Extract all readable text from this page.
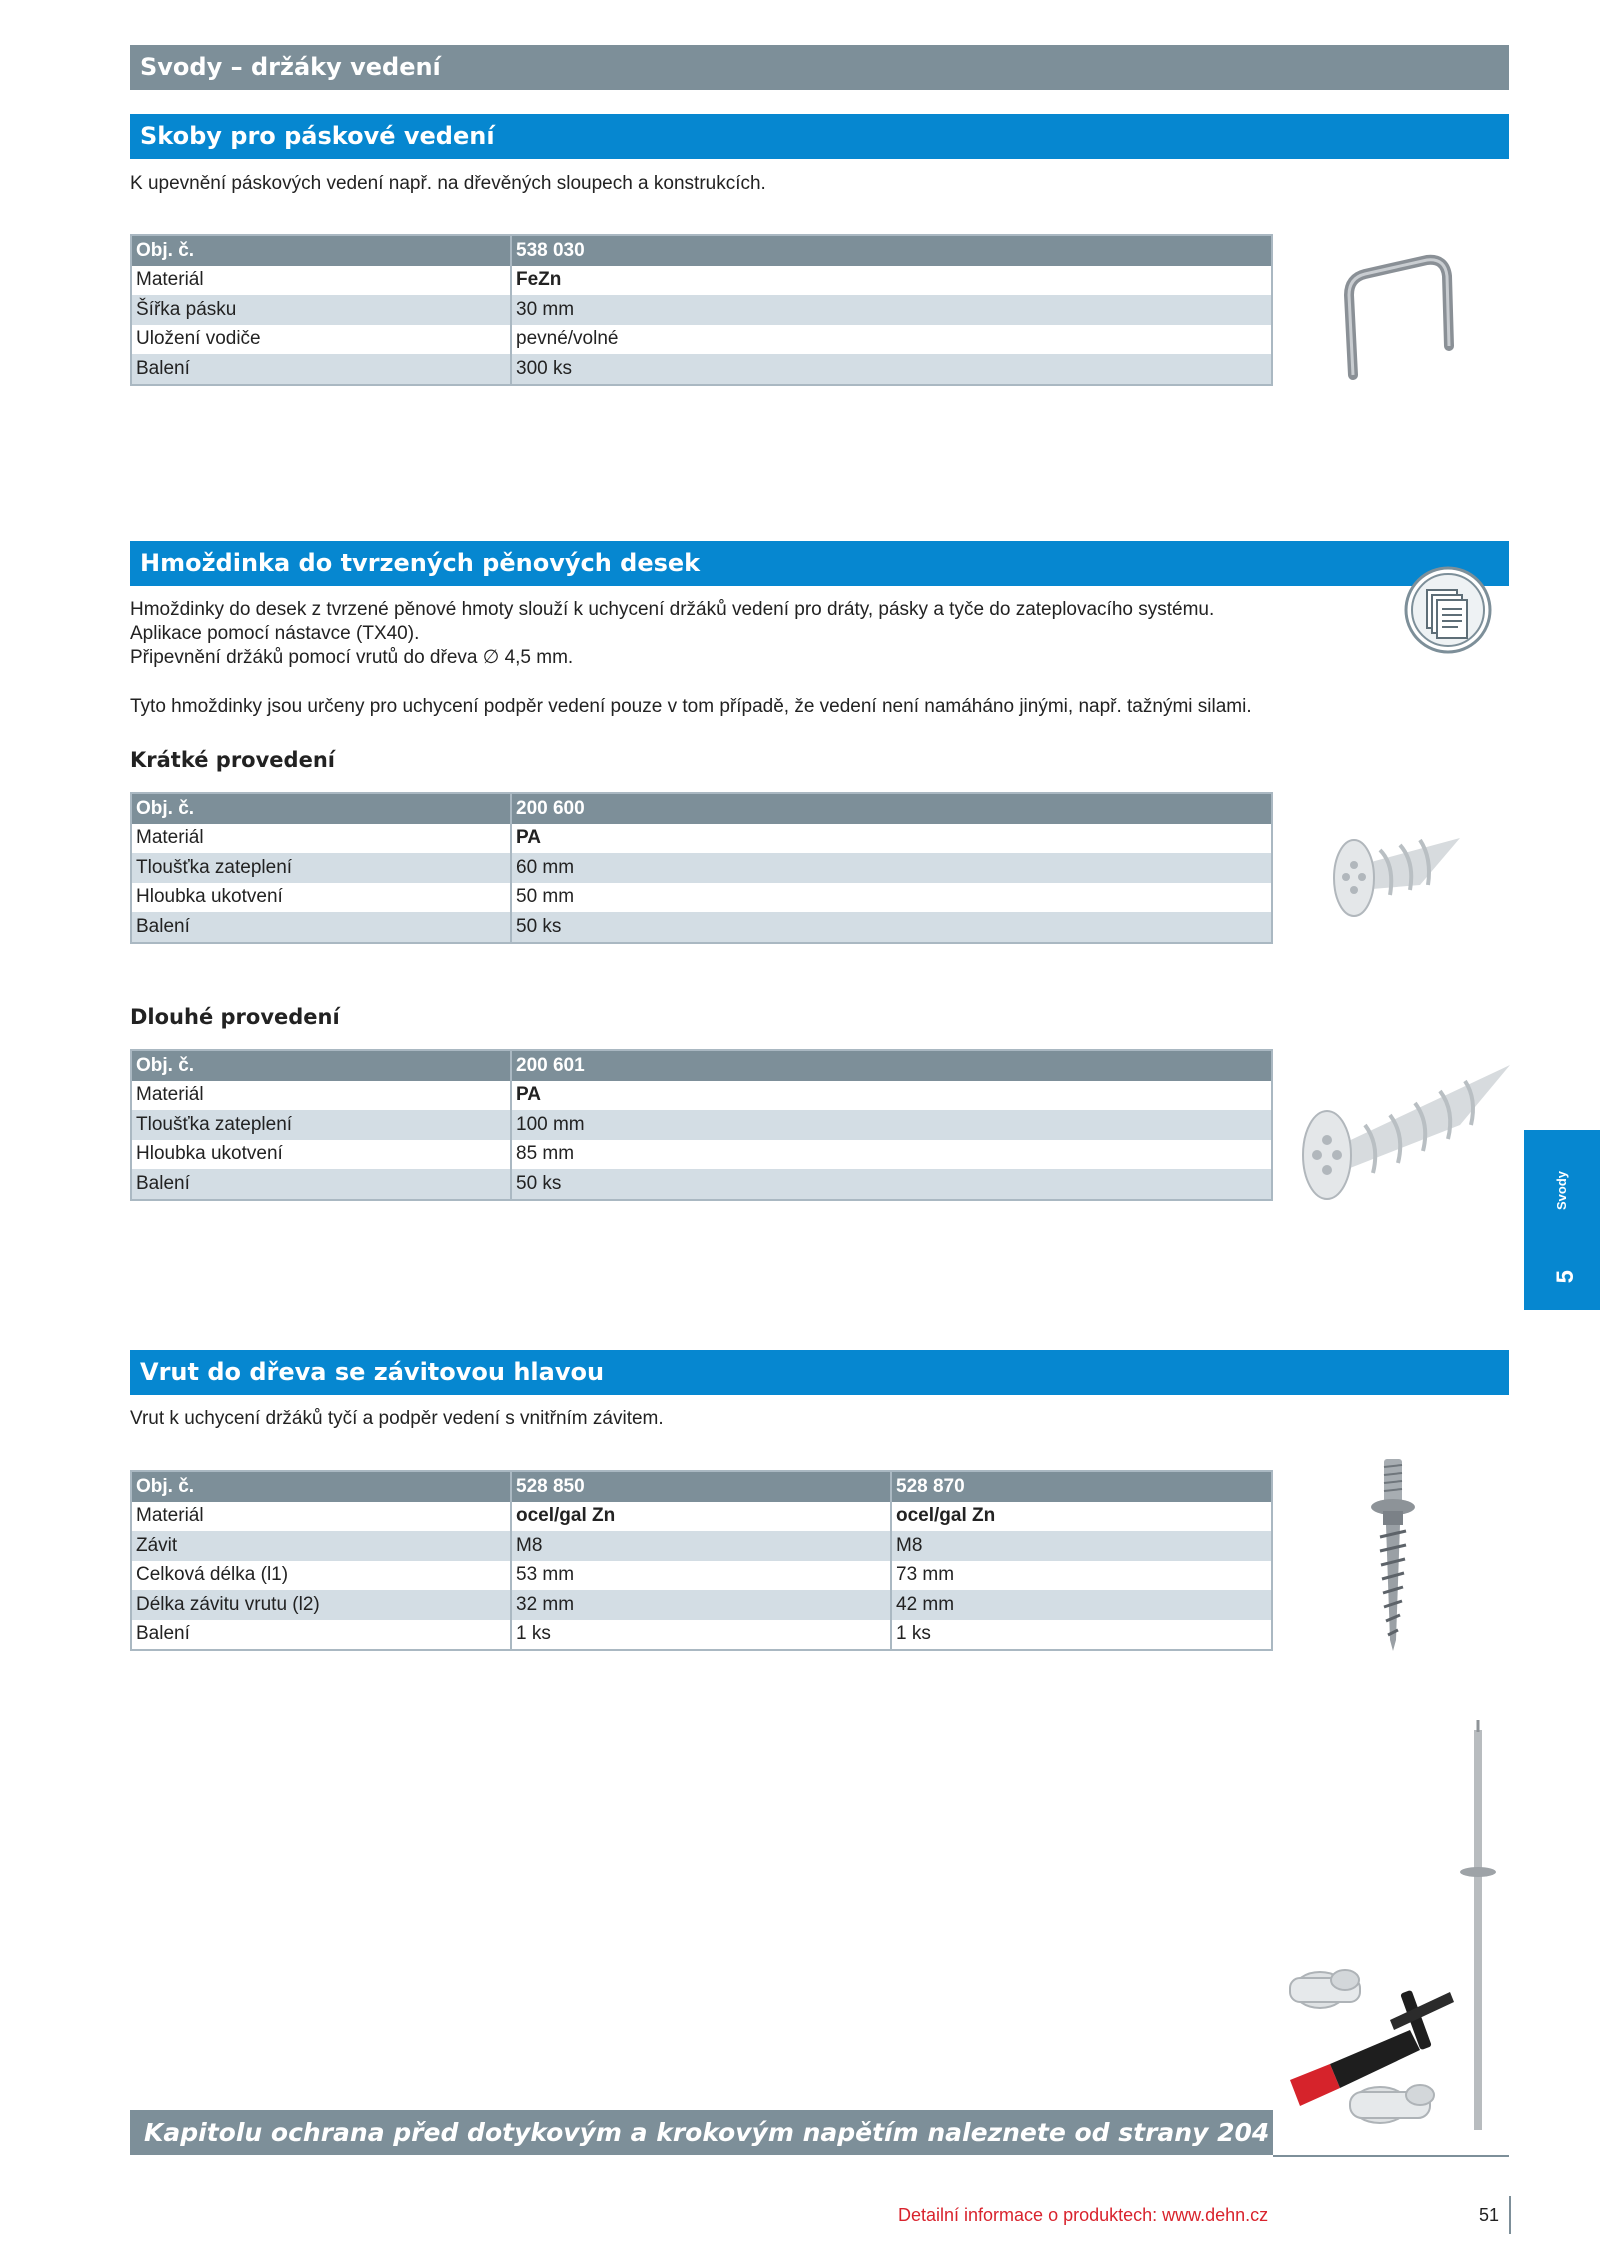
Svody – držáky vedení
Skoby pro páskové vedení
K upevnění páskových vedení např. na dřevěných sloupech a konstrukcích.
Obj. č.	538 030
Materiál	FeZn
Šířka pásku	30 mm
Uložení vodiče	pevné/volné
Balení	300 ks
Hmoždinka do tvrzených pěnových desek
Hmoždinky do desek z tvrzené pěnové hmoty slouží k uchycení držáků vedení pro dráty, pásky a tyče do zateplovacího systému.
Aplikace pomocí nástavce (TX40).
Připevnění držáků pomocí vrutů do dřeva ∅ 4,5 mm.
Tyto hmoždinky jsou určeny pro uchycení podpěr vedení pouze v tom případě, že vedení není namáháno jinými, např. tažnými silami.
Krátké provedení
Obj. č.	200 600
Materiál	PA
Tloušťka zateplení	60 mm
Hloubka ukotvení	50 mm
Balení	50 ks
Dlouhé provedení
Obj. č.	200 601
Materiál	PA
Tloušťka zateplení	100 mm
Hloubka ukotvení	85 mm
Balení	50 ks	Svody
5
Vrut do dřeva se závitovou hlavou
Vrut k uchycení držáků tyčí a podpěr vedení s vnitřním závitem.
Obj. č.	528 850	528 870
Materiál	ocel/gal Zn	ocel/gal Zn
Závit	M8	M8
Celková délka (l1)	53 mm	73 mm
Délka závitu vrutu (l2)	32 mm	42 mm
Balení	1 ks	1 ks
Kapitolu ochrana před dotykovým a krokovým napětím naleznete od strany 204
Detailní informace o produktech: www.dehn.cz	51
